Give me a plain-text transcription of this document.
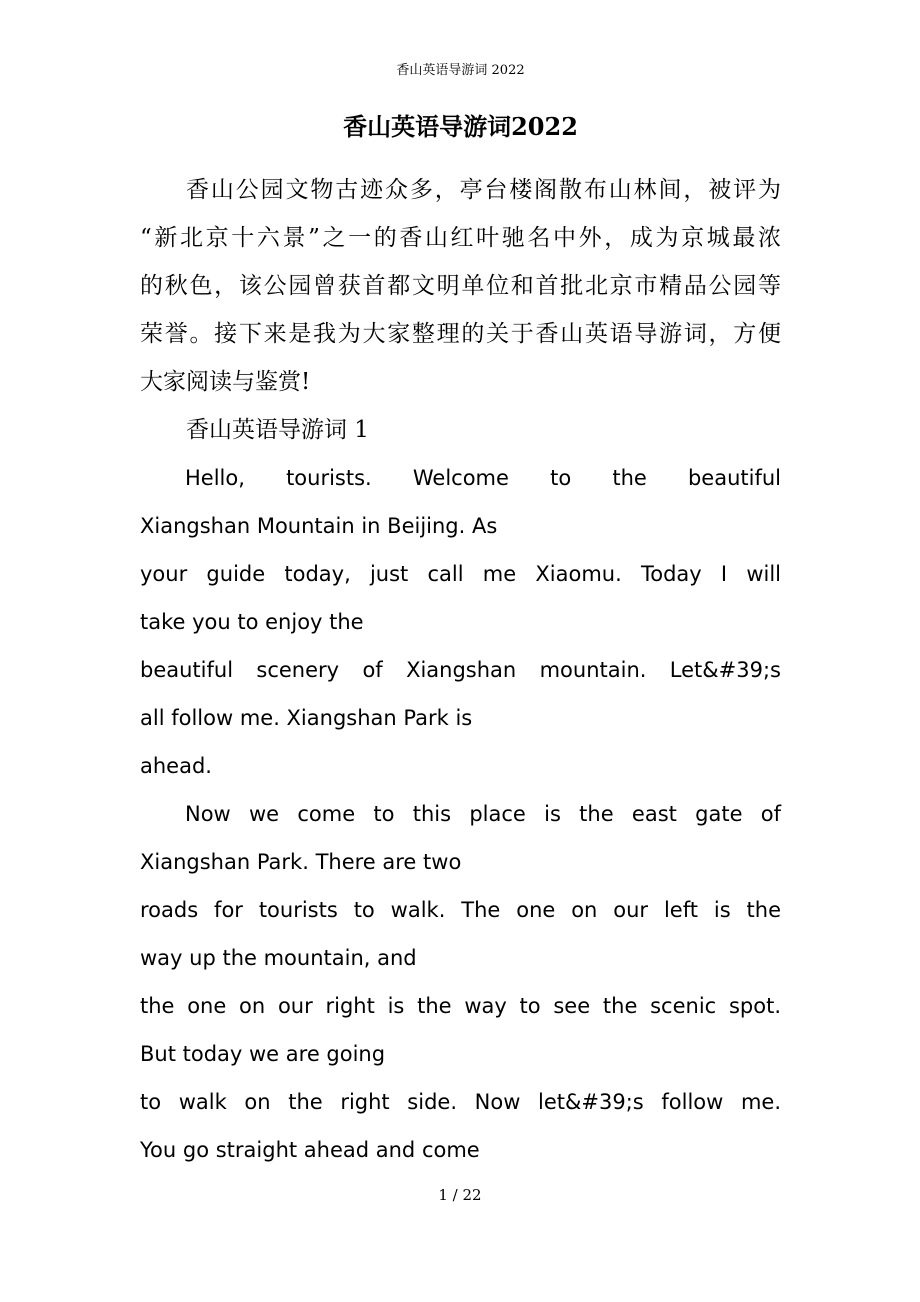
香山英语导游词 2022
香山英语导游词2022
香山公园文物古迹众多，亭台楼阁散布山林间，被评为
“新北京十六景”之一的香山红叶驰名中外，成为京城最浓
的秋色，该公园曾获首都文明单位和首批北京市精品公园等
荣誉。接下来是我为大家整理的关于香山英语导游词，方便
大家阅读与鉴赏!
香山英语导游词 1
Hello, tourists. Welcome to the beautiful
Xiangshan Mountain in Beijing. As
your guide today, just call me Xiaomu. Today I will
take you to enjoy the
beautiful scenery of Xiangshan mountain. Let&#39;s
all follow me. Xiangshan Park is
ahead.
Now we come to this place is the east gate of
Xiangshan Park. There are two
roads for tourists to walk. The one on our left is the
way up the mountain, and
the one on our right is the way to see the scenic spot.
But today we are going
to walk on the right side. Now let&#39;s follow me.
You go straight ahead and come
1 / 22
